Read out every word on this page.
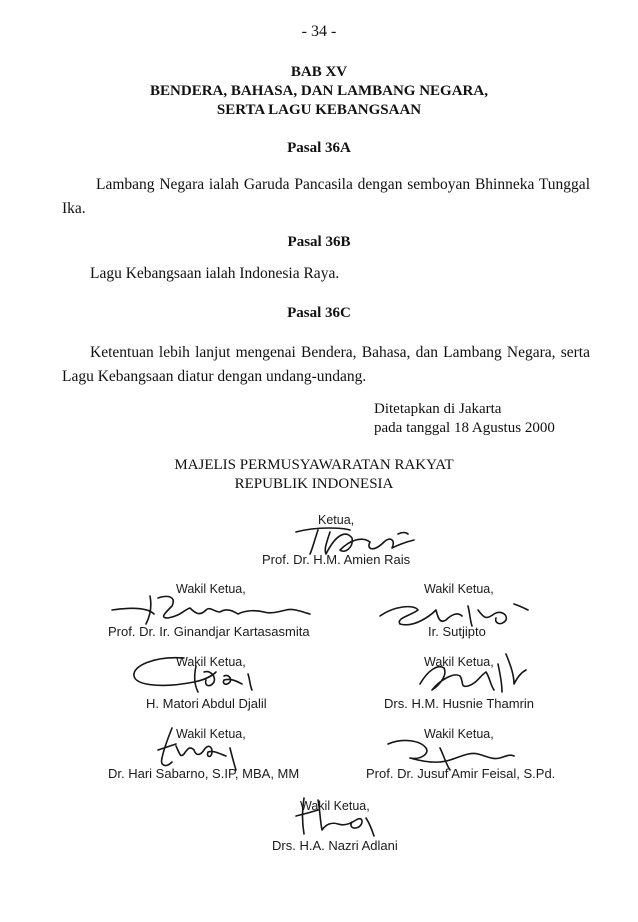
- 34 -
BAB XV
BENDERA, BAHASA, DAN LAMBANG NEGARA,
SERTA LAGU KEBANGSAAN
Pasal 36A
Lambang Negara ialah Garuda Pancasila dengan semboyan Bhinneka Tunggal Ika.
Pasal 36B
Lagu Kebangsaan ialah Indonesia Raya.
Pasal 36C
Ketentuan lebih lanjut mengenai Bendera, Bahasa, dan Lambang Negara, serta Lagu Kebangsaan diatur dengan undang-undang.
Ditetapkan di Jakarta
pada tanggal 18 Agustus 2000
MAJELIS PERMUSYAWARATAN RAKYAT
REPUBLIK INDONESIA
Ketua,
Prof. Dr. H.M. Amien Rais
Wakil Ketua,
Prof. Dr. Ir. Ginandjar Kartasasmita
Wakil Ketua,
Ir. Sutjipto
Wakil Ketua,
H. Matori Abdul Djalil
Wakil Ketua,
Drs. H.M. Husnie Thamrin
Wakil Ketua,
Dr. Hari Sabarno, S.IP, MBA, MM
Wakil Ketua,
Prof. Dr. Jusuf Amir Feisal, S.Pd.
Wakil Ketua,
Drs. H.A. Nazri Adlani
